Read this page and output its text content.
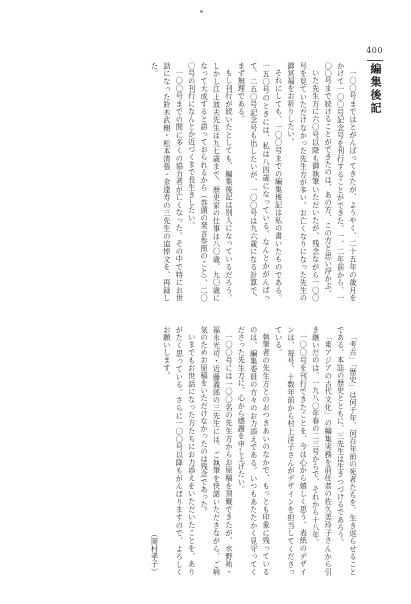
400
編集後記

一〇〇号まではとがんばってきたが、ようやく、二十五年の歳月をかけて一〇〇号記念号を刊行することができた。一、二年前から、一〇〇号まで続けることができたのは、あの方、この方と思い浮かぶ。

いた先生方に六〇号以降も御執筆いただいたが、残念ながら一〇〇号を見ていただけなかった先生方が多い。お亡くなりになった先生の御冥福をお祈りしたい。

それにしても、一〇〇号までの編集後記は私の書いたものである。一五〇号のときには、私は八四歳になっている。なんとかがんばって、二五〇号記念号も出したいが、一〇〇号は九六歳になる計算で、まず無理である。

もし刊行が続いたとしても、編集後記は別人になっているだろう。しかし江上波夫先生は九七歳まで、歴史家の仕事は八〇歳、九〇歳になって大成すると語っておられるから（巻頭の発言参照のこと）、二〇〇号の刊行になんとか近づくまで長生きしたい。

一〇〇号までの間に多くの協力者が亡くなった。その中で特にお世話になった鈴木武樹・松本清張・金達寿の三先生の追悼文を、再録した。

「考古」「歴史」は何千年、何百年前の死者たちを、生き返らせることである。本誌の歴史とともに、三先生は生きつづけるであろう。

「東アジアの古代文化」の編集実務を前任者の佐久美玲子さんから引き継いだのは、一九八〇年春の二三号からで、それから十八年。

一〇〇号を刊行できたことを、今は心から嬉しく思う。表紙のデザインは、毎号、十数年前から村上洋子さんがデザインを担当してくださっている。

執筆者の先生方とのおつきあいのなかで、もっとも印象に残っているのは、編集委員の方々のお力添えである。いつもあたたかく見守ってくださった先生方に、心から感謝を申し上げたい。

一〇〇号には一〇〇名の先生方からお原稿を頂戴できたが、水野祐・福永光司・近藤義郎の三先生には、ご執筆を快諾いただきながら、ご病気のためお原稿をいただけなかったのは残念であった。

いまでもお世話になった方たちにお力添えをいただいたことを、ありがたく思っている。さらに一〇〇号以降もがんばりますので、よろしくお願いします。

（岡村孝子）
